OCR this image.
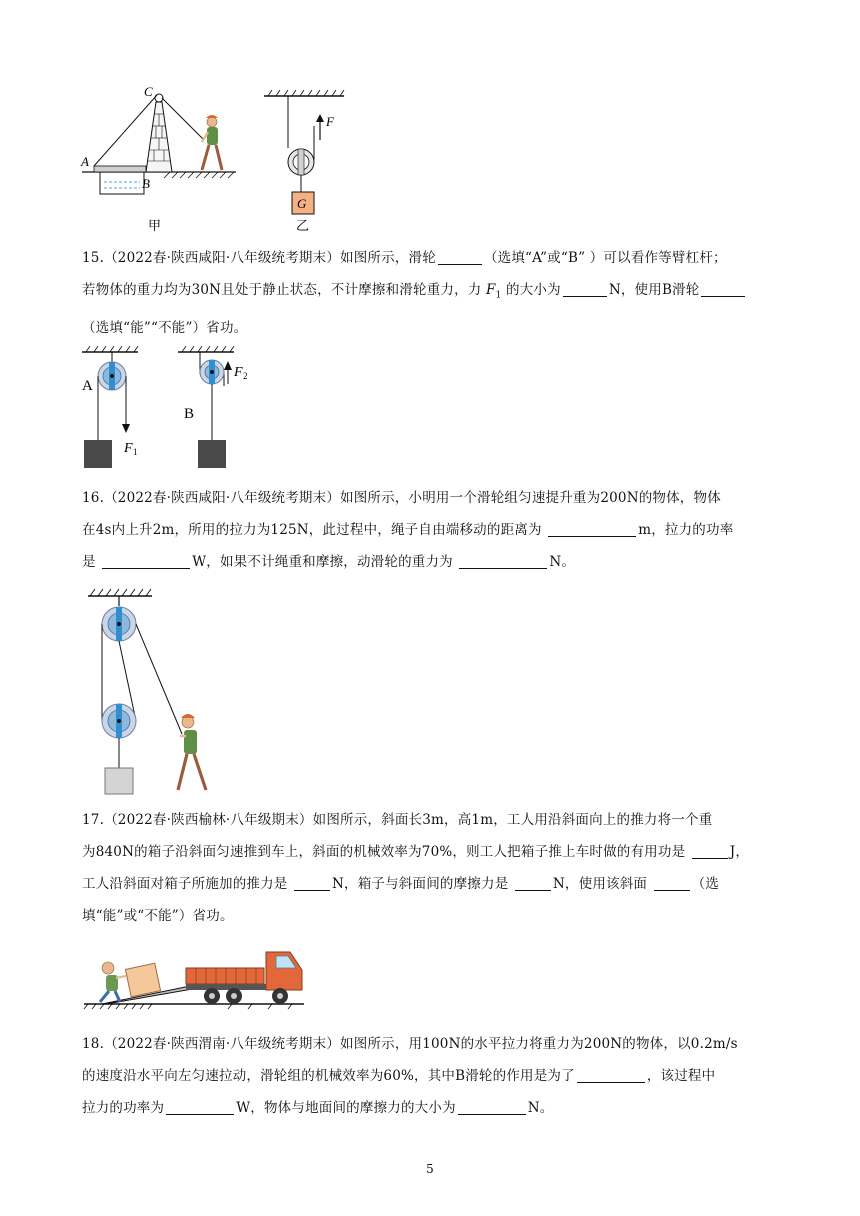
A
B
C
甲
G
F
乙

15.（2022春·陕西咸阳·八年级统考期末）如图所示，滑轮	（选填“A”或“B” ）可以看作等臂杠杆；

若物体的重力均为30N且处于静止状态，不计摩擦和滑轮重力，力 $F_1$ 的大小为	N，使用B滑轮

（选填“能”“不能”）省功。

A
F 1
B
F 2

16.（2022春·陕西咸阳·八年级统考期末）如图所示，小明用一个滑轮组匀速提升重为200N的物体，物体

在4s内上升2m，所用的拉力为125N，此过程中，绳子自由端移动的距离为	m，拉力的功率

是	W，如果不计绳重和摩擦，动滑轮的重力为	N。

17.（2022春·陕西榆林·八年级期末）如图所示，斜面长3m，高1m，工人用沿斜面向上的推力将一个重

为840N的箱子沿斜面匀速推到车上，斜面的机械效率为70%，则工人把箱子推上车时做的有用功是	J，

工人沿斜面对箱子所施加的推力是	N，箱子与斜面间的摩擦力是	N，使用该斜面	（选

填“能”或“不能”）省功。

18.（2022春·陕西渭南·八年级统考期末）如图所示，用100N的水平拉力将重力为200N的物体，以0.2m/s

的速度沿水平向左匀速拉动，滑轮组的机械效率为60%，其中B滑轮的作用是为了	，该过程中

拉力的功率为	W，物体与地面间的摩擦力的大小为	N。

5
